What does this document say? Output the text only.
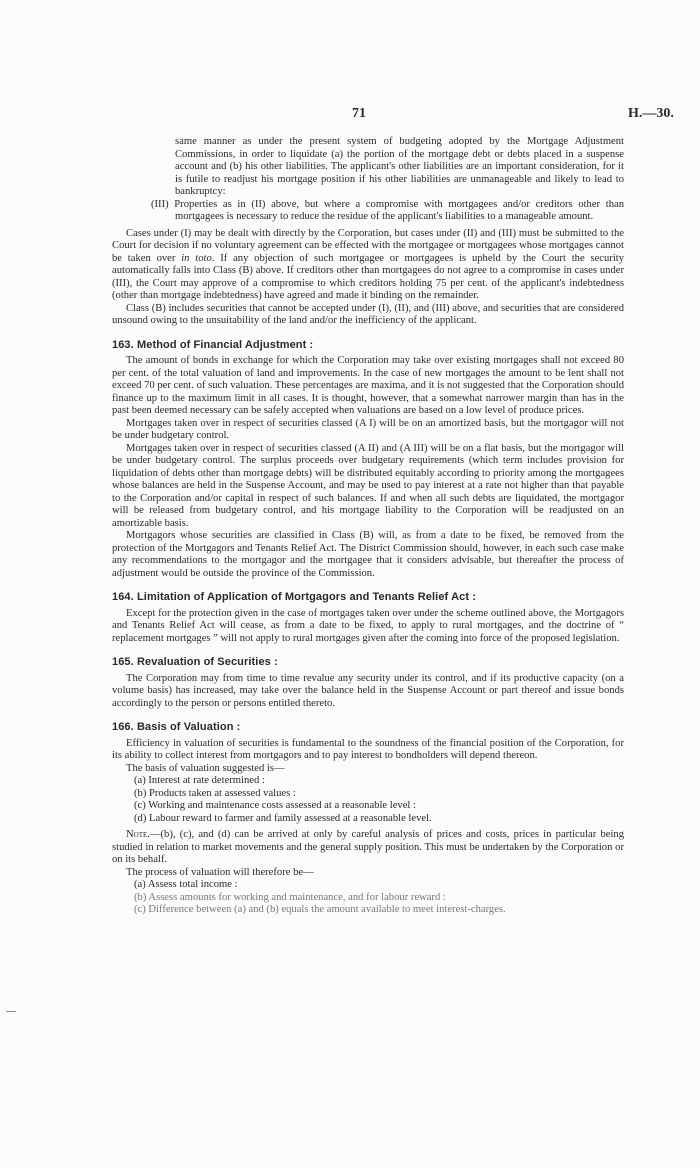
71	H.—30.

same manner as under the present system of budgeting adopted by the Mortgage Adjustment Commissions, in order to liquidate (a) the portion of the mortgage debt or debts placed in a suspense account and (b) his other liabilities. The applicant's other liabilities are an important consideration, for it is futile to readjust his mortgage position if his other liabilities are unmanageable and likely to lead to bankruptcy:

(III) Properties as in (II) above, but where a compromise with mortgagees and/or creditors other than mortgagees is necessary to reduce the residue of the applicant's liabilities to a manageable amount.

Cases under (I) may be dealt with directly by the Corporation, but cases under (II) and (III) must be submitted to the Court for decision if no voluntary agreement can be effected with the mortgagee or mortgagees whose mortgages cannot be taken over in toto. If any objection of such mortgagee or mortgagees is upheld by the Court the security automatically falls into Class (B) above. If creditors other than mortgagees do not agree to a compromise in cases under (III), the Court may approve of a compromise to which creditors holding 75 per cent. of the applicant's indebtedness (other than mortgage indebtedness) have agreed and made it binding on the remainder.

Class (B) includes securities that cannot be accepted under (I), (II), and (III) above, and securities that are considered unsound owing to the unsuitability of the land and/or the inefficiency of the applicant.

163. Method of Financial Adjustment :

The amount of bonds in exchange for which the Corporation may take over existing mortgages shall not exceed 80 per cent. of the total valuation of land and improvements. In the case of new mortgages the amount to be lent shall not exceed 70 per cent. of such valuation. These percentages are maxima, and it is not suggested that the Corporation should finance up to the maximum limit in all cases. It is thought, however, that a somewhat narrower margin than has in the past been deemed necessary can be safely accepted when valuations are based on a low level of produce prices.

Mortgages taken over in respect of securities classed (A I) will be on an amortized basis, but the mortgagor will not be under budgetary control.

Mortgages taken over in respect of securities classed (A II) and (A III) will be on a flat basis, but the mortgagor will be under budgetary control. The surplus proceeds over budgetary requirements (which term includes provision for liquidation of debts other than mortgage debts) will be distributed equitably according to priority among the mortgagees whose balances are held in the Suspense Account, and may be used to pay interest at a rate not higher than that payable to the Corporation and/or capital in respect of such balances. If and when all such debts are liquidated, the mortgagor will be released from budgetary control, and his mortgage liability to the Corporation will be readjusted on an amortizable basis.

Mortgagors whose securities are classified in Class (B) will, as from a date to be fixed, be removed from the protection of the Mortgagors and Tenants Relief Act. The District Commission should, however, in each such case make any recommendations to the mortgagor and the mortgagee that it considers advisable, but thereafter the process of adjustment would be outside the province of the Commission.

164. Limitation of Application of Mortgagors and Tenants Relief Act :

Except for the protection given in the case of mortgages taken over under the scheme outlined above, the Mortgagors and Tenants Relief Act will cease, as from a date to be fixed, to apply to rural mortgages, and the doctrine of “ replacement mortgages ” will not apply to rural mortgages given after the coming into force of the proposed legislation.

165. Revaluation of Securities :

The Corporation may from time to time revalue any security under its control, and if its productive capacity (on a volume basis) has increased, may take over the balance held in the Suspense Account or part thereof and issue bonds accordingly to the person or persons entitled thereto.

166. Basis of Valuation :

Efficiency in valuation of securities is fundamental to the soundness of the financial position of the Corporation, for its ability to collect interest from mortgagors and to pay interest to bondholders will depend thereon.

The basis of valuation suggested is—

(a) Interest at rate determined :

(b) Products taken at assessed values :

(c) Working and maintenance costs assessed at a reasonable level :

(d) Labour reward to farmer and family assessed at a reasonable level.

Note.—(b), (c), and (d) can be arrived at only by careful analysis of prices and costs, prices in particular being studied in relation to market movements and the general supply position. This must be undertaken by the Corporation or on its behalf.

The process of valuation will therefore be—

(a) Assess total income :

(b) Assess amounts for working and maintenance, and for labour reward :

(c) Difference between (a) and (b) equals the amount available to meet interest-charges.
